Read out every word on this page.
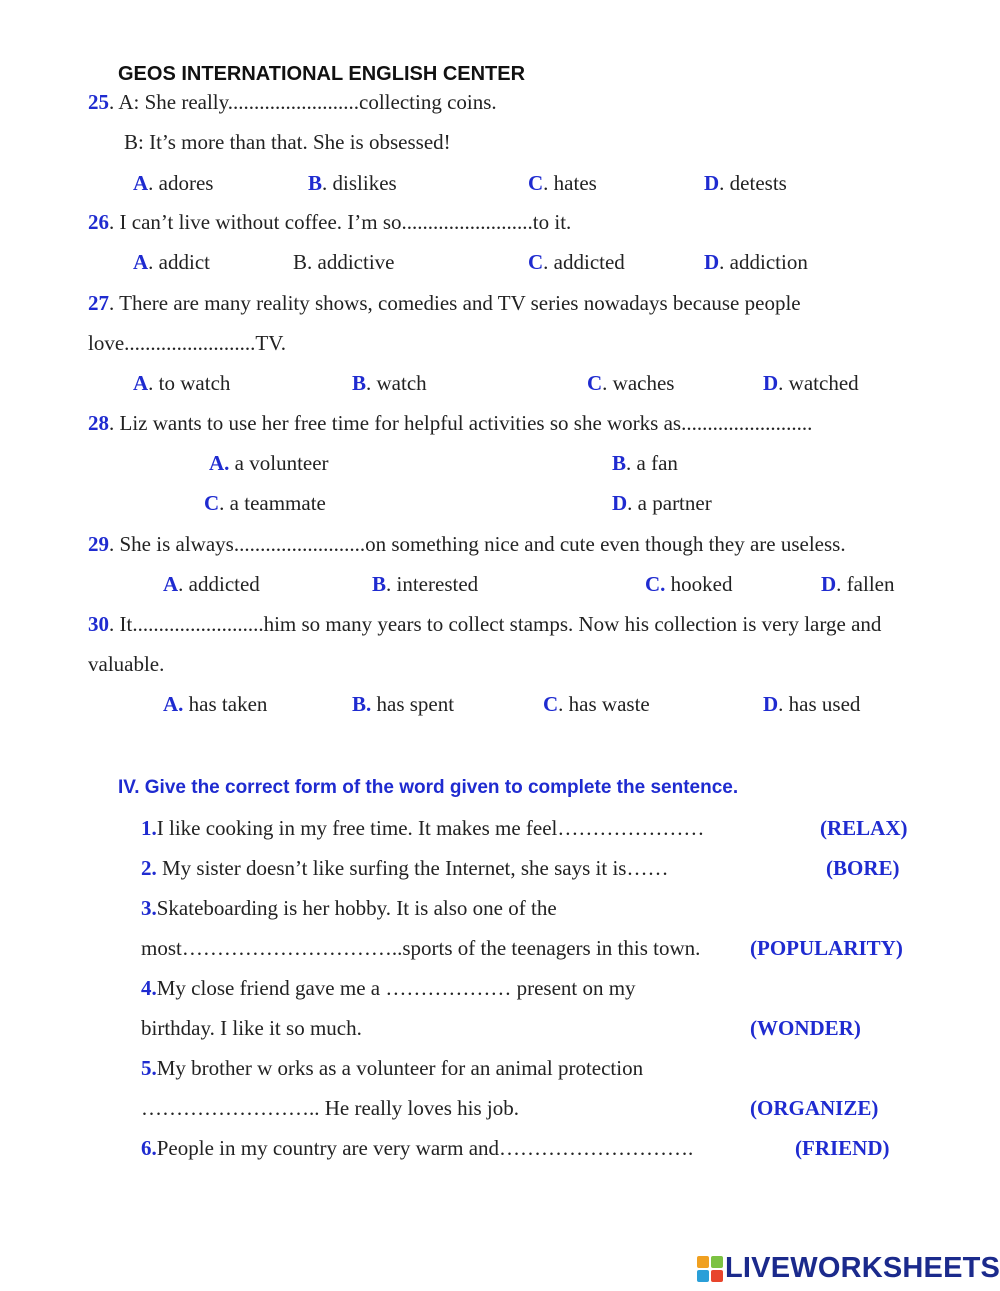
GEOS INTERNATIONAL ENGLISH CENTER
25. A: She really.........................collecting coins.
B: It’s more than that. She is obsessed!
A. adores	B. dislikes	C. hates	D. detests
26. I can’t live without coffee. I’m so.........................to it.
A. addict	B. addictive	C. addicted	D. addiction
27. There are many reality shows, comedies and TV series nowadays because people
love.........................TV.
A. to watch	B. watch	C. waches	D. watched
28. Liz wants to use her free time for helpful activities so she works as.........................
A. a volunteer	B. a fan
C. a teammate	D. a partner
29. She is always.........................on something nice and cute even though they are useless.
A. addicted	B. interested	C. hooked	D. fallen
30. It.........................him so many years to collect stamps. Now his collection is very large and
valuable.
A. has taken	B. has spent	C. has waste	D. has used
IV. Give the correct form of the word given to complete the sentence.
1.I like cooking in my free time. It makes me feel…………………	(RELAX)
2. My sister doesn’t like surfing the Internet, she says it is……	(BORE)
3.Skateboarding is her hobby. It is also one of the
most…………………………..sports of the teenagers in this town. (POPULARITY)
4.My close friend gave me a ……………… present on my
birthday. I like it so much.	(WONDER)
5.My brother w orks as a volunteer for an animal protection
…………………….. He really loves his job.	(ORGANIZE)
6.People in my country are very warm and……………………….	(FRIEND)
LIVEWORKSHEETS
